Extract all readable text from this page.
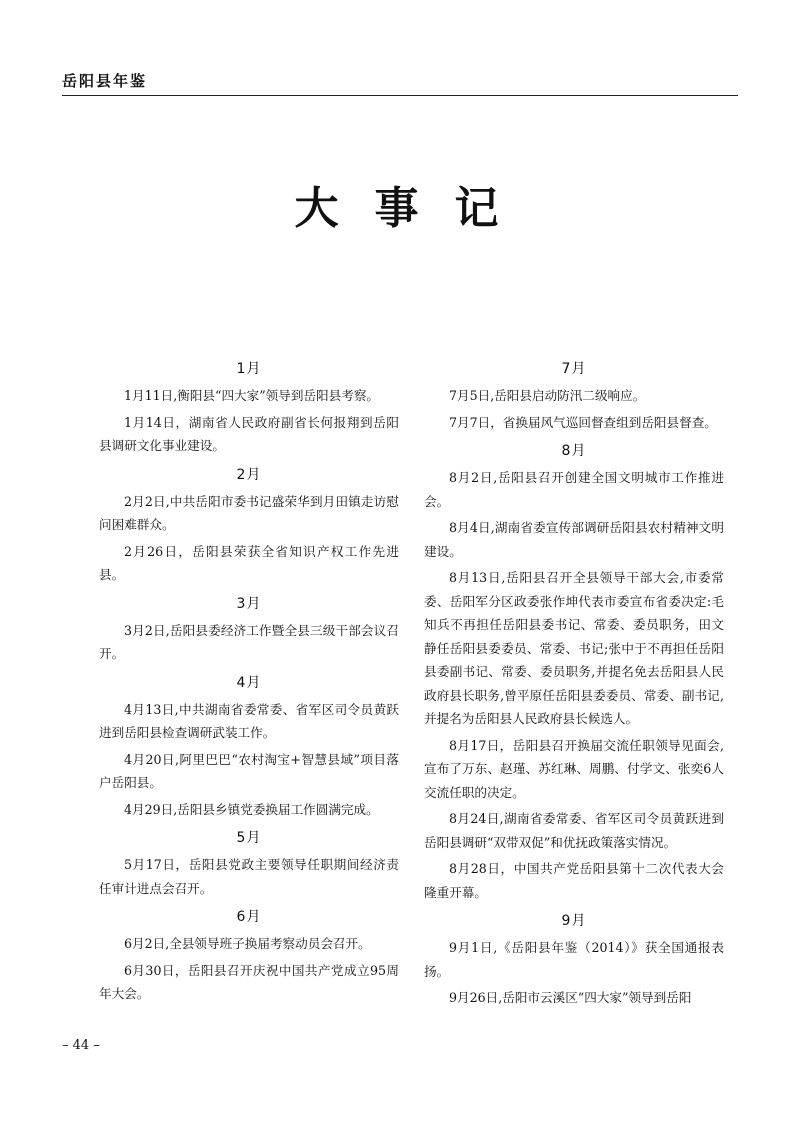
岳阳县年鉴
大事记
1月

1月11日,衡阳县“四大家”领导到岳阳县考察。

1月14日，湖南省人民政府副省长何报翔到岳阳县调研文化事业建设。

2月

2月2日,中共岳阳市委书记盛荣华到月田镇走访慰问困难群众。

2月26日，岳阳县荣获全省知识产权工作先进县。

3月

3月2日,岳阳县委经济工作暨全县三级干部会议召开。

4月

4月13日,中共湖南省委常委、省军区司令员黄跃进到岳阳县检查调研武装工作。

4月20日,阿里巴巴“农村淘宝+智慧县域”项目落户岳阳县。

4月29日,岳阳县乡镇党委换届工作圆满完成。

5月

5月17日，岳阳县党政主要领导任职期间经济责任审计进点会召开。

6月

6月2日,全县领导班子换届考察动员会召开。

6月30日，岳阳县召开庆祝中国共产党成立95周年大会。

7月

7月5日,岳阳县启动防汛二级响应。

7月7日，省换届风气巡回督查组到岳阳县督查。

8月

8月2日,岳阳县召开创建全国文明城市工作推进会。

8月4日,湖南省委宣传部调研岳阳县农村精神文明建设。

8月13日,岳阳县召开全县领导干部大会,市委常委、岳阳军分区政委张作坤代表市委宣布省委决定:毛知兵不再担任岳阳县委书记、常委、委员职务，田文静任岳阳县委委员、常委、书记;张中于不再担任岳阳县委副书记、常委、委员职务,并提名免去岳阳县人民政府县长职务,曾平原任岳阳县委委员、常委、副书记,并提名为岳阳县人民政府县长候选人。

8月17日，岳阳县召开换届交流任职领导见面会,宣布了万东、赵瑾、苏红琳、周鹏、付学文、张奕6人交流任职的决定。

8月24日,湖南省委常委、省军区司令员黄跃进到岳阳县调研“双带双促”和优抚政策落实情况。

8月28日，中国共产党岳阳县第十二次代表大会隆重开幕。

9月

9月1日,《岳阳县年鉴（2014）》获全国通报表扬。

9月26日,岳阳市云溪区“四大家”领导到岳阳

– 44 –
